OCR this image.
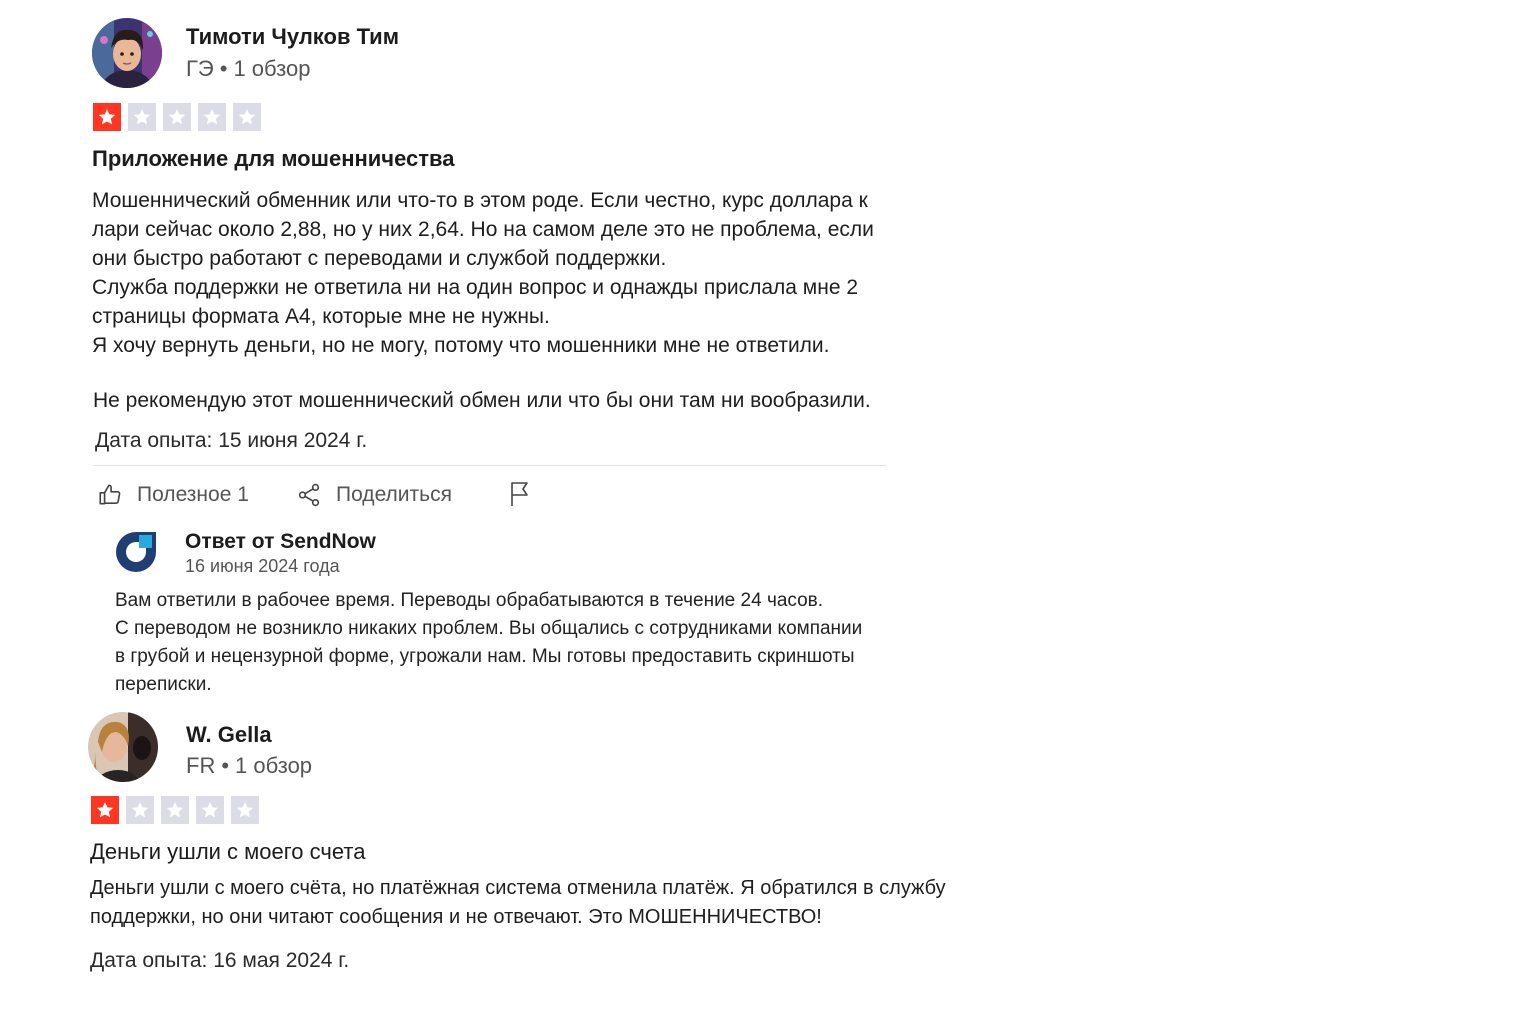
Тимоти Чулков Тим
ГЭ • 1 обзор
Приложение для мошенничества
Мошеннический обменник или что-то в этом роде. Если честно, курс доллара к
лари сейчас около 2,88, но у них 2,64. Но на самом деле это не проблема, если
они быстро работают с переводами и службой поддержки.
Служба поддержки не ответила ни на один вопрос и однажды прислала мне 2
страницы формата А4, которые мне не нужны.
Я хочу вернуть деньги, но не могу, потому что мошенники мне не ответили.
Не рекомендую этот мошеннический обмен или что бы они там ни вообразили.
Дата опыта: 15 июня 2024 г.
Полезное 1	Поделиться
Ответ от SendNow
16 июня 2024 года
Вам ответили в рабочее время. Переводы обрабатываются в течение 24 часов.
С переводом не возникло никаких проблем. Вы общались с сотрудниками компании
в грубой и нецензурной форме, угрожали нам. Мы готовы предоставить скриншоты
переписки.
W. Gella
FR • 1 обзор
Деньги ушли с моего счета
Деньги ушли с моего счёта, но платёжная система отменила платёж. Я обратился в службу
поддержки, но они читают сообщения и не отвечают. Это МОШЕННИЧЕСТВО!
Дата опыта: 16 мая 2024 г.
